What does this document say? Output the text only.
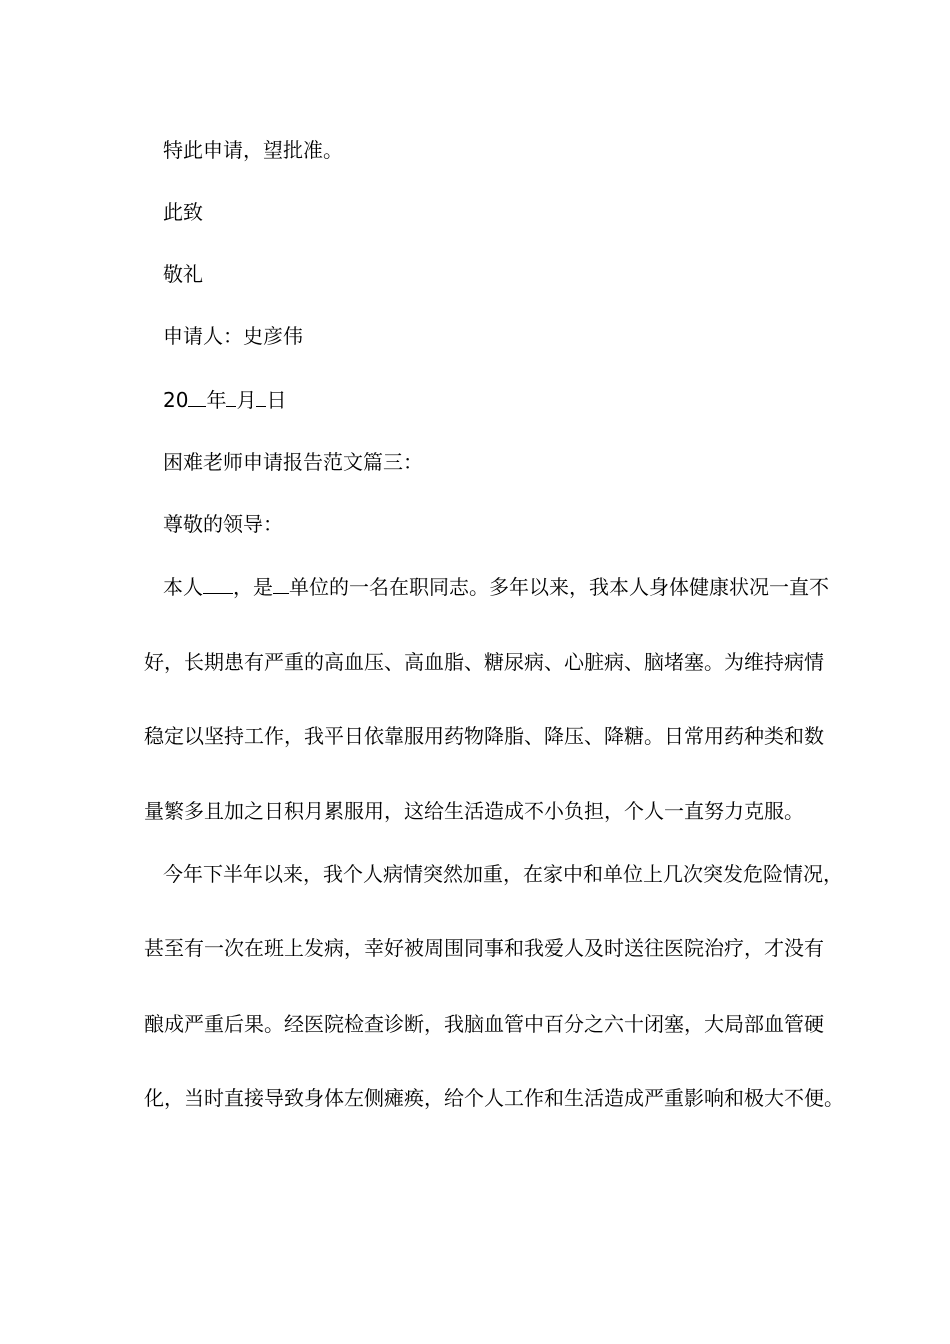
特此申请，望批准。
此致
敬礼
申请人：史彦伟
20 年 月 日
困难老师申请报告范文篇三：
尊敬的领导：
本人 ，是 单位的一名在职同志。多年以来，我本人身体健康状况一直不
好，长期患有严重的高血压、高血脂、糖尿病、心脏病、脑堵塞。为维持病情
稳定以坚持工作，我平日依靠服用药物降脂、降压、降糖。日常用药种类和数
量繁多且加之日积月累服用，这给生活造成不小负担，个人一直努力克服。
今年下半年以来，我个人病情突然加重，在家中和单位上几次突发危险情况，
甚至有一次在班上发病，幸好被周围同事和我爱人及时送往医院治疗，才没有
酿成严重后果。经医院检查诊断，我脑血管中百分之六十闭塞，大局部血管硬
化，当时直接导致身体左侧瘫痪，给个人工作和生活造成严重影响和极大不便。
